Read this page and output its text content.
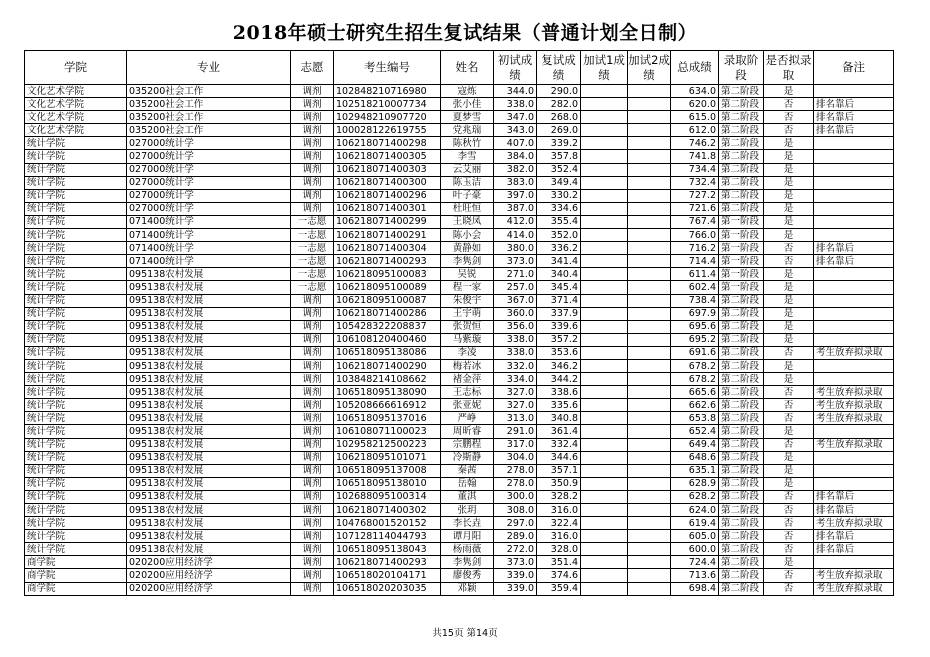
2018年硕士研究生招生复试结果（普通计划全日制）
学院	专业	志愿	考生编号	姓名	初试成绩	复试成绩	加试1成绩	加试2成绩	总成绩	录取阶段	是否拟录取	备注
文化艺术学院	035200社会工作	调剂	102848210716980	寇炼	344.0	290.0			634.0	第二阶段	是	
文化艺术学院	035200社会工作	调剂	102518210007734	张小佳	338.0	282.0			620.0	第二阶段	否	排名靠后
文化艺术学院	035200社会工作	调剂	102948210907720	夏梦雪	347.0	268.0			615.0	第二阶段	否	排名靠后
文化艺术学院	035200社会工作	调剂	100028122619755	党兆瑞	343.0	269.0			612.0	第二阶段	否	排名靠后
统计学院	027000统计学	调剂	106218071400298	陈秋竹	407.0	339.2			746.2	第二阶段	是	
统计学院	027000统计学	调剂	106218071400305	李雪	384.0	357.8			741.8	第二阶段	是	
统计学院	027000统计学	调剂	106218071400303	云艾丽	382.0	352.4			734.4	第二阶段	是	
统计学院	027000统计学	调剂	106218071400300	陈玉洁	383.0	349.4			732.4	第二阶段	是	
统计学院	027000统计学	调剂	106218071400296	叶子豪	397.0	330.2			727.2	第二阶段	是	
统计学院	027000统计学	调剂	106218071400301	杜旺恒	387.0	334.6			721.6	第二阶段	是	
统计学院	071400统计学	一志愿	106218071400299	王晓凤	412.0	355.4			767.4	第一阶段	是	
统计学院	071400统计学	一志愿	106218071400291	陈小会	414.0	352.0			766.0	第一阶段	是	
统计学院	071400统计学	一志愿	106218071400304	黄静如	380.0	336.2			716.2	第一阶段	否	排名靠后
统计学院	071400统计学	一志愿	106218071400293	李隽剑	373.0	341.4			714.4	第一阶段	否	排名靠后
统计学院	095138农村发展	一志愿	106218095100083	吴锐	271.0	340.4			611.4	第一阶段	是	
统计学院	095138农村发展	一志愿	106218095100089	程一家	257.0	345.4			602.4	第一阶段	是	
统计学院	095138农村发展	调剂	106218095100087	朱俊宇	367.0	371.4			738.4	第二阶段	是	
统计学院	095138农村发展	调剂	106218071400286	王宇萌	360.0	337.9			697.9	第二阶段	是	
统计学院	095138农村发展	调剂	105428322208837	张贺恒	356.0	339.6			695.6	第二阶段	是	
统计学院	095138农村发展	调剂	106108120400460	马紫璇	338.0	357.2			695.2	第二阶段	是	
统计学院	095138农村发展	调剂	106518095138086	李凌	338.0	353.6			691.6	第二阶段	否	考生放弃拟录取
统计学院	095138农村发展	调剂	106218071400290	梅若冰	332.0	346.2			678.2	第二阶段	是	
统计学院	095138农村发展	调剂	103848214108662	褚金萍	334.0	344.2			678.2	第二阶段	是	
统计学院	095138农村发展	调剂	106518095138090	王志标	327.0	338.6			665.6	第二阶段	否	考生放弃拟录取
统计学院	095138农村发展	调剂	105208666616912	张亚妮	327.0	335.6			662.6	第二阶段	否	考生放弃拟录取
统计学院	095138农村发展	调剂	106518095137016	严峥	313.0	340.8			653.8	第二阶段	否	考生放弃拟录取
统计学院	095138农村发展	调剂	106108071100023	周昕睿	291.0	361.4			652.4	第二阶段	是	
统计学院	095138农村发展	调剂	102958212500223	宗鹏程	317.0	332.4			649.4	第二阶段	否	考生放弃拟录取
统计学院	095138农村发展	调剂	106218095101071	冷斯静	304.0	344.6			648.6	第二阶段	是	
统计学院	095138农村发展	调剂	106518095137008	秦茜	278.0	357.1			635.1	第二阶段	是	
统计学院	095138农村发展	调剂	106518095138010	岳翰	278.0	350.9			628.9	第二阶段	是	
统计学院	095138农村发展	调剂	102688095100314	董淇	300.0	328.2			628.2	第二阶段	否	排名靠后
统计学院	095138农村发展	调剂	106218071400302	张玥	308.0	316.0			624.0	第二阶段	否	排名靠后
统计学院	095138农村发展	调剂	104768001520152	李长垚	297.0	322.4			619.4	第二阶段	否	考生放弃拟录取
统计学院	095138农村发展	调剂	107128114044793	谭月阳	289.0	316.0			605.0	第二阶段	否	排名靠后
统计学院	095138农村发展	调剂	106518095138043	杨雨薇	272.0	328.0			600.0	第二阶段	否	排名靠后
商学院	020200应用经济学	调剂	106218071400293	李隽剑	373.0	351.4			724.4	第二阶段	是	
商学院	020200应用经济学	调剂	106518020104171	廖俊秀	339.0	374.6			713.6	第二阶段	否	考生放弃拟录取
商学院	020200应用经济学	调剂	106518020203035	邓颖	339.0	359.4			698.4	第二阶段	否	考生放弃拟录取
共15页 第14页
